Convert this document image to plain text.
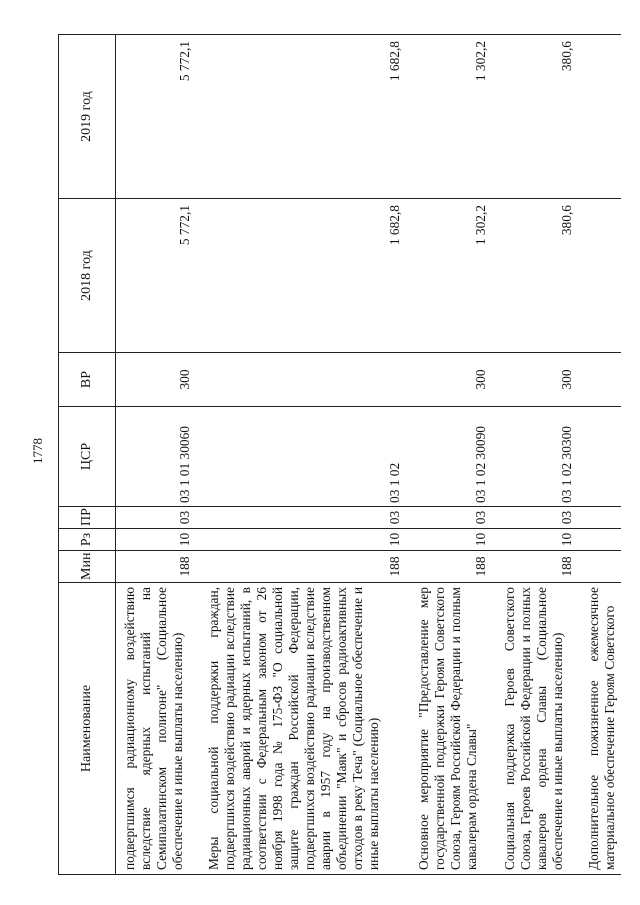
1778
Наименование	Мин	Рз	ПР	ЦСР	ВР	2018 год	2019 год
подвергшимся радиационному воздействию вследствие ядерных испытаний на Семипалатинском полигоне" (Социальное обеспечение и иные выплаты населению)	188	10	03	03 1 01 30060	300	5 772,1	5 772,1
Меры социальной поддержки граждан, подвергшихся воздействию радиации вследствие радиационных аварий и ядерных испытаний, в соответствии с Федеральным законом от 26 ноября 1998 года № 175-ФЗ "О социальной защите граждан Российской Федерации, подвергшихся воздействию радиации вследствие аварии в 1957 году на производственном объединении "Маяк" и сбросов радиоактивных отходов в реку Теча" (Социальное обеспечение и иные выплаты населению)	188	10	03	03 1 02		1 682,8	1 682,8
Основное мероприятие "Предоставление мер государственной поддержки Героям Советского Союза, Героям Российской Федерации и полным кавалерам ордена Славы"	188	10	03	03 1 02 30090	300	1 302,2	1 302,2
Социальная поддержка Героев Советского Союза, Героев Российской Федерации и полных кавалеров ордена Славы (Социальное обеспечение и иные выплаты населению)	188	10	03	03 1 02 30300	300	380,6	380,6
Дополнительное пожизненное ежемесячное материальное обеспечение Героям Советского							
